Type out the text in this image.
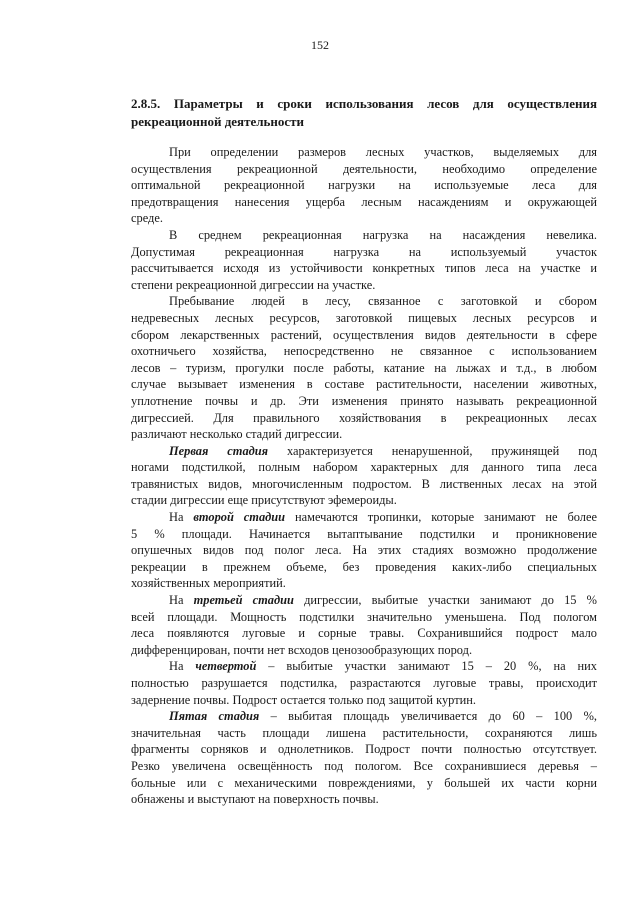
152
2.8.5. Параметры и сроки использования лесов для осуществления
рекреационной деятельности
При определении размеров лесных участков, выделяемых для
осуществления рекреационной деятельности, необходимо определение
оптимальной рекреационной нагрузки на используемые леса для
предотвращения нанесения ущерба лесным насаждениям и окружающей
среде.
В среднем рекреационная нагрузка на насаждения невелика.
Допустимая рекреационная нагрузка на используемый участок
рассчитывается исходя из устойчивости конкретных типов леса на участке и
степени рекреационной дигрессии на участке.
Пребывание людей в лесу, связанное с заготовкой и сбором
недревесных лесных ресурсов, заготовкой пищевых лесных ресурсов и
сбором лекарственных растений, осуществления видов деятельности в сфере
охотничьего хозяйства, непосредственно не связанное с использованием
лесов – туризм, прогулки после работы, катание на лыжах и т.д., в любом
случае вызывает изменения в составе растительности, населении животных,
уплотнение почвы и др. Эти изменения принято называть рекреационной
дигрессией. Для правильного хозяйствования в рекреационных лесах
различают несколько стадий дигрессии.
Первая стадия характеризуется ненарушенной, пружинящей под
ногами подстилкой, полным набором характерных для данного типа леса
травянистых видов, многочисленным подростом. В лиственных лесах на этой
стадии дигрессии еще присутствуют эфемероиды.
На второй стадии намечаются тропинки, которые занимают не более
5 % площади. Начинается вытаптывание подстилки и проникновение
опушечных видов под полог леса. На этих стадиях возможно продолжение
рекреации в прежнем объеме, без проведения каких-либо специальных
хозяйственных мероприятий.
На третьей стадии дигрессии, выбитые участки занимают до 15 %
всей площади. Мощность подстилки значительно уменьшена. Под пологом
леса появляются луговые и сорные травы. Сохранившийся подрост мало
дифференцирован, почти нет всходов ценозообразующих пород.
На четвертой – выбитые участки занимают 15 – 20 %, на них
полностью разрушается подстилка, разрастаются луговые травы, происходит
задернение почвы. Подрост остается только под защитой куртин.
Пятая стадия – выбитая площадь увеличивается до 60 – 100 %,
значительная часть площади лишена растительности, сохраняются лишь
фрагменты сорняков и однолетников. Подрост почти полностью отсутствует.
Резко увеличена освещённость под пологом. Все сохранившиеся деревья –
больные или с механическими повреждениями, у большей их части корни
обнажены и выступают на поверхность почвы.
